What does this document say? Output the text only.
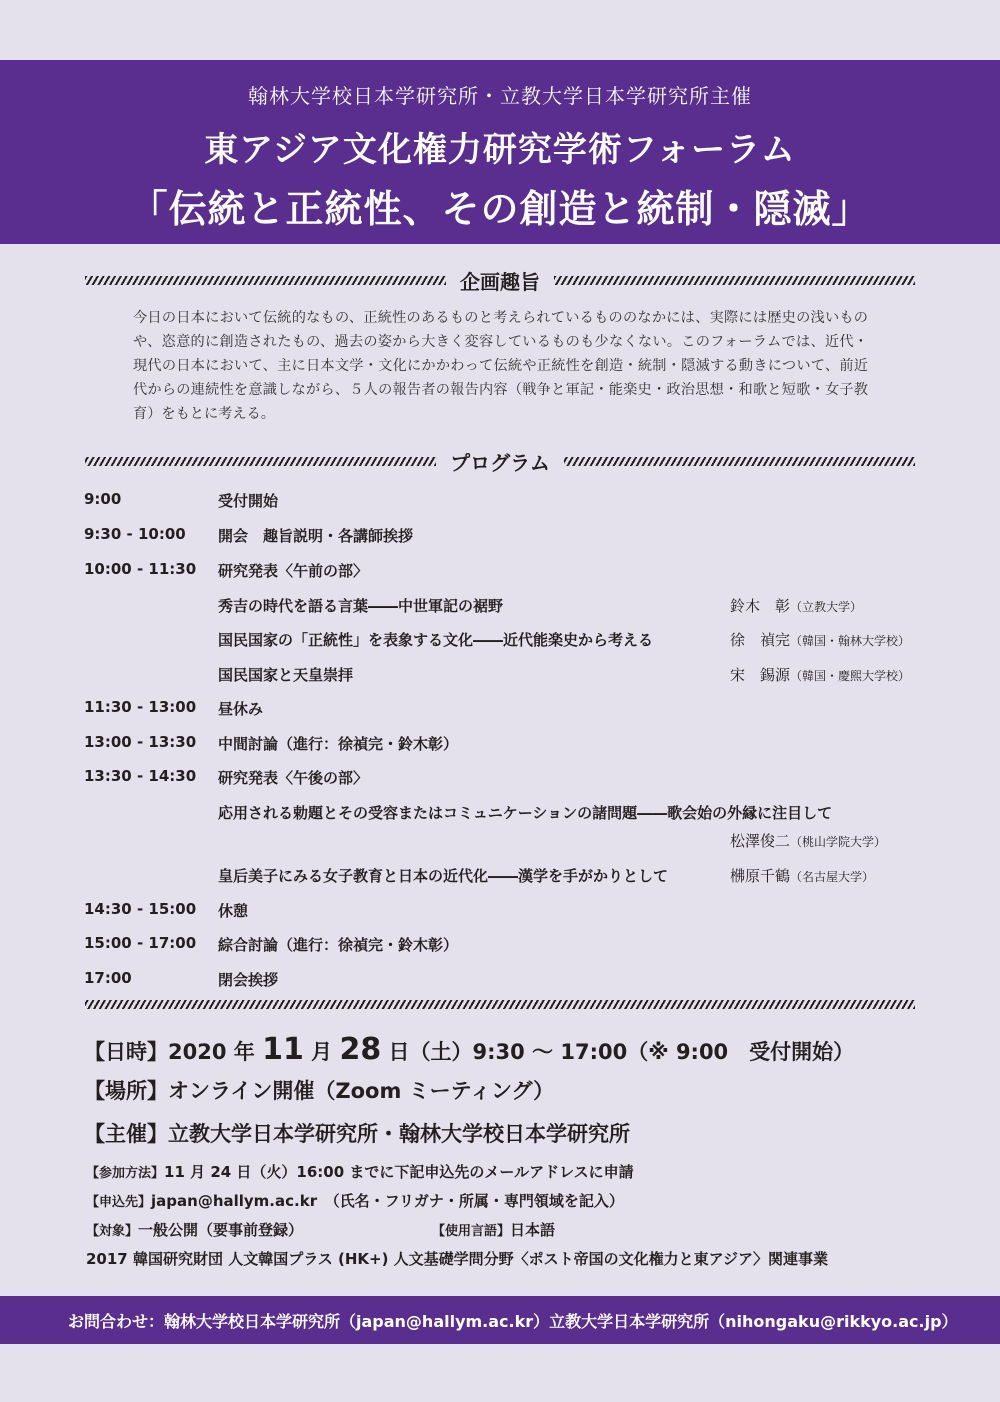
翰林大学校日本学研究所・立教大学日本学研究所主催
東アジア文化権力研究学術フォーラム
「伝統と正統性、その創造と統制・隠滅」
企画趣旨
今日の日本において伝統的なもの、正統性のあるものと考えられているもののなかには、実際には歴史の浅いものや、恣意的に創造されたもの、過去の姿から大きく変容しているものも少なくない。このフォーラムでは、近代・現代の日本において、主に日本文学・文化にかかわって伝統や正統性を創造・統制・隠滅する動きについて、前近代からの連続性を意識しながら、５人の報告者の報告内容（戦争と軍記・能楽史・政治思想・和歌と短歌・女子教育）をもとに考える。
プログラム
9:00	受付開始
9:30 - 10:00 開会　趣旨説明・各講師挨拶
10:00 - 11:30 研究発表〈午前の部〉
秀吉の時代を語る言葉――中世軍記の裾野	鈴木　彰（立教大学）
国民国家の「正統性」を表象する文化――近代能楽史から考える	徐　禎完（韓国・翰林大学校）
国民国家と天皇崇拝	宋　錫源（韓国・慶熙大学校）
11:30 - 13:00 昼休み
13:00 - 13:30 中間討論（進行：徐禎完・鈴木彰）
13:30 - 14:30 研究発表〈午後の部〉
応用される勅題とその受容またはコミュニケーションの諸問題――歌会始の外縁に注目して
松澤俊二（桃山学院大学）
皇后美子にみる女子教育と日本の近代化――漢学を手がかりとして	梻原千鶴（名古屋大学）
14:30 - 15:00 休憩
15:00 - 17:00 綜合討論（進行：徐禎完・鈴木彰）
17:00	閉会挨拶
【日時】2020 年 11 月 28 日（土）9:30 ～ 17:00（※ 9:00　受付開始）
【場所】オンライン開催（Zoom ミーティング）
【主催】立教大学日本学研究所・翰林大学校日本学研究所
【参加方法】11 月 24 日（火）16:00 までに下記申込先のメールアドレスに申請
【申込先】japan@hallym.ac.kr　（氏名・フリガナ・所属・専門領域を記入）
【対象】一般公開（要事前登録）	【使用言語】日本語
2017 韓国研究財団 人文韓国プラス (HK+) 人文基礎学問分野〈ポスト帝国の文化権力と東アジア〉関連事業
お問合わせ：翰林大学校日本学研究所（japan@hallym.ac.kr）立教大学日本学研究所（nihongaku@rikkyo.ac.jp）
